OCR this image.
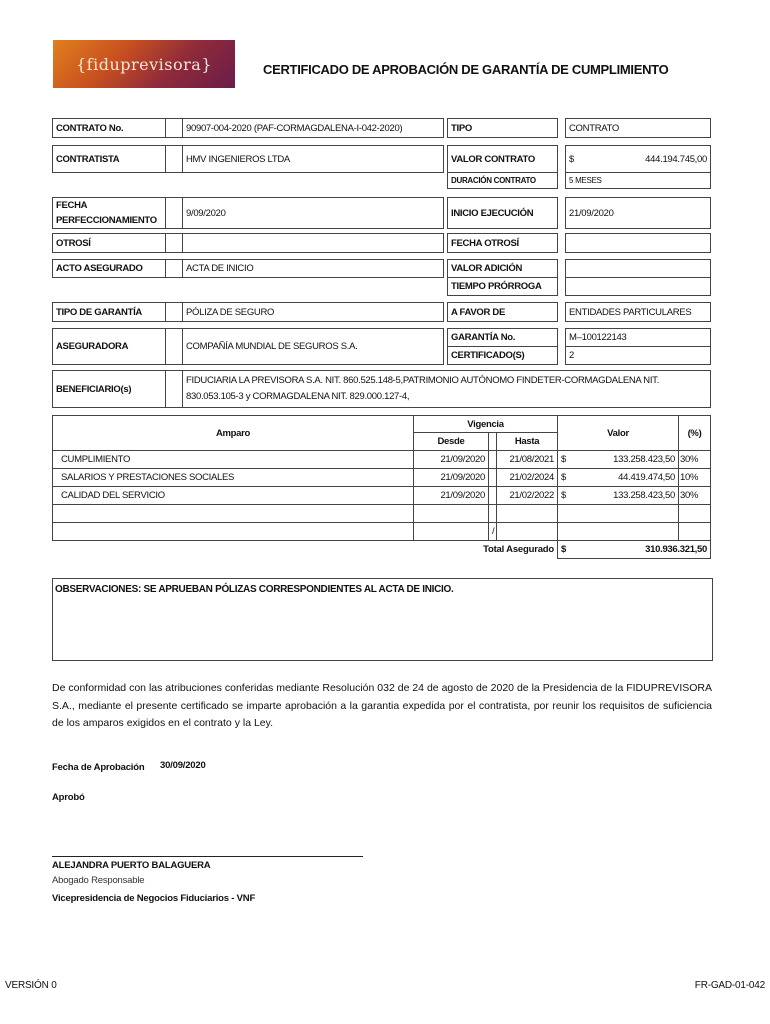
{fiduprevisora}	CERTIFICADO DE APROBACIÓN DE GARANTÍA DE CUMPLIMIENTO
CONTRATO No.	90907-004-2020 (PAF-CORMAGDALENA-I-042-2020)	TIPO	CONTRATO
CONTRATISTA	HMV INGENIEROS LTDA	VALOR CONTRATO	$	444.194.745,00
DURACIÓN CONTRATO	5 MESES
FECHA
PERFECCIONAMIENTO
9/09/2020	INICIO EJECUCIÓN	21/09/2020
OTROSÍ	FECHA OTROSÍ
ACTO ASEGURADO	ACTA DE INICIO	VALOR ADICIÓN
TIEMPO PRÓRROGA
TIPO DE GARANTÍA	PÓLIZA DE SEGURO	A FAVOR DE	ENTIDADES PARTICULARES
ASEGURADORA	COMPAÑÍA MUNDIAL DE SEGUROS S.A.
GARANTÍA No.	M–100122143
CERTIFICADO(S)	2
BENEFICIARIO(s)
FIDUCIARIA LA PREVISORA S.A. NIT. 860.525.148-5,PATRIMONIO AUTÓNOMO FINDETER-CORMAGDALENA NIT.
830.053.105-3 y CORMAGDALENA NIT. 829.000.127-4,
Amparo
Vigencia
Desde	Hasta
Valor	(%)
CUMPLIMIENTO	21/09/2020	21/08/2021 $	133.258.423,50 30%
SALARIOS Y PRESTACIONES SOCIALES	21/09/2020	21/02/2024 $	44.419.474,50 10%
CALIDAD DEL SERVICIO	21/09/2020	21/02/2022 $	133.258.423,50 30%
/
Total Asegurado $	310.936.321,50
OBSERVACIONES: SE APRUEBAN PÓLIZAS CORRESPONDIENTES AL ACTA DE INICIO.
De conformidad con las atribuciones conferidas mediante Resolución 032 de 24 de agosto de 2020 de la Presidencia de la FIDUPREVISORA S.A., mediante el presente certificado se imparte aprobación a la garantia expedida por el contratista, por reunir los requisitos de suficiencia de los amparos exigidos en el contrato y la Ley.
Fecha de Aprobación 30/09/2020
Aprobó
ALEJANDRA PUERTO BALAGUERA
Abogado Responsable
Vicepresidencia de Negocios Fiduciarios - VNF
VERSIÓN 0	FR-GAD-01-042
